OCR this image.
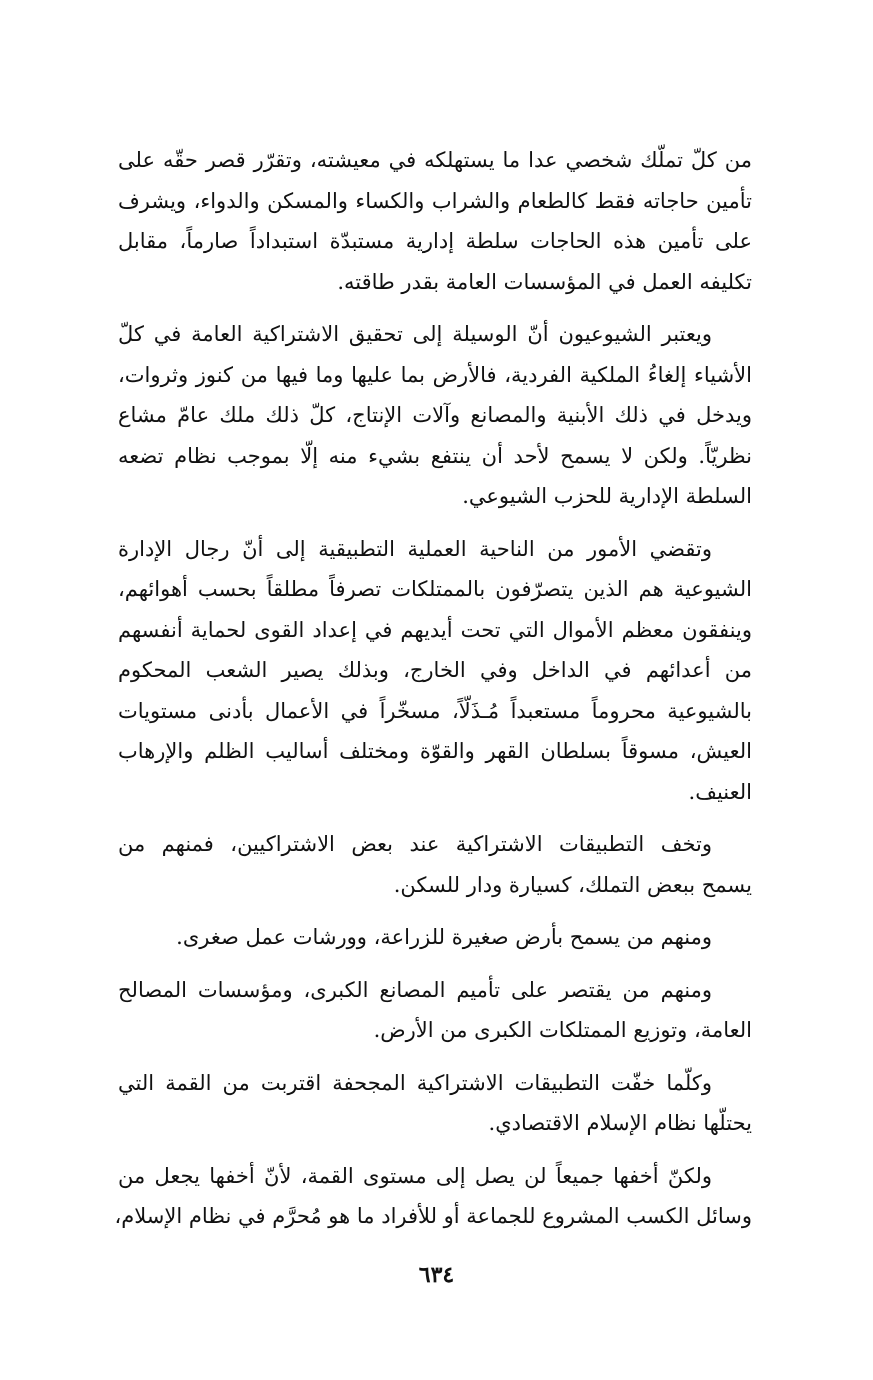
من كلّ تملّك شخصي عدا ما يستهلكه في معيشته، وتقرّر قصر حقّه على
تأمين حاجاته فقط كالطعام والشراب والكساء والمسكن والدواء، ويشرف
على تأمين هذه الحاجات سلطة إدارية مستبدّة استبداداً صارماً، مقابل
تكليفه العمل في المؤسسات العامة بقدر طاقته.

ويعتبر الشيوعيون أنّ الوسيلة إلى تحقيق الاشتراكية العامة في كلّ
الأشياء إلغاءُ الملكية الفردية، فالأرض بما عليها وما فيها من كنوز وثروات،
ويدخل في ذلك الأبنية والمصانع وآلات الإنتاج، كلّ ذلك ملك عامّ مشاع
نظريّاً. ولكن لا يسمح لأحد أن ينتفع بشيء منه إلّا بموجب نظام تضعه
السلطة الإدارية للحزب الشيوعي.

وتقضي الأمور من الناحية العملية التطبيقية إلى أنّ رجال الإدارة
الشيوعية هم الذين يتصرّفون بالممتلكات تصرفاً مطلقاً بحسب أهوائهم،
وينفقون معظم الأموال التي تحت أيديهم في إعداد القوى لحماية أنفسهم
من أعدائهم في الداخل وفي الخارج، وبذلك يصير الشعب المحكوم
بالشيوعية محروماً مستعبداً مُـذَلّاً، مسخّراً في الأعمال بأدنى مستويات
العيش، مسوقاً بسلطان القهر والقوّة ومختلف أساليب الظلم والإرهاب
العنيف.

وتخف التطبيقات الاشتراكية عند بعض الاشتراكيين، فمنهم من
يسمح ببعض التملك، كسيارة ودار للسكن.

ومنهم من يسمح بأرض صغيرة للزراعة، وورشات عمل صغرى.

ومنهم من يقتصر على تأميم المصانع الكبرى، ومؤسسات المصالح
العامة، وتوزيع الممتلكات الكبرى من الأرض.

وكلّما خفّت التطبيقات الاشتراكية المجحفة اقتربت من القمة التي
يحتلّها نظام الإسلام الاقتصادي.

ولكنّ أخفها جميعاً لن يصل إلى مستوى القمة، لأنّ أخفها يجعل من
وسائل الكسب المشروع للجماعة أو للأفراد ما هو مُحرَّم في نظام الإسلام،

٦٣٤
